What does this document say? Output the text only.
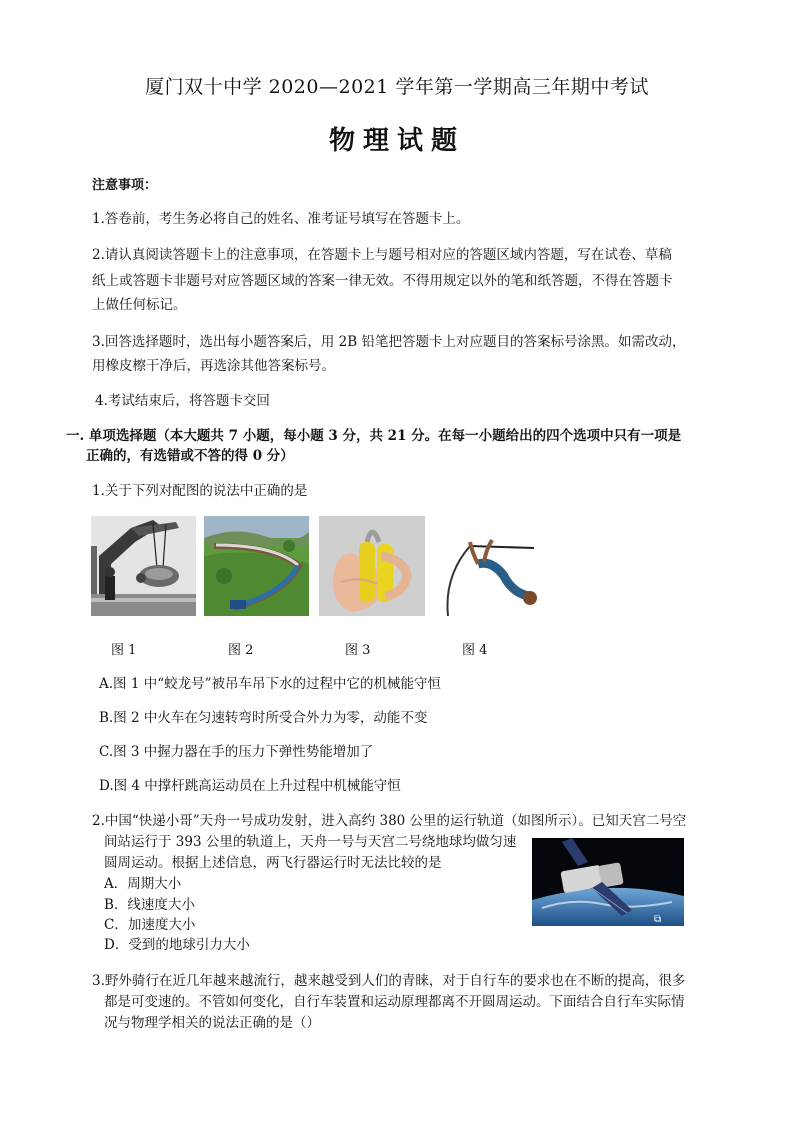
厦门双十中学 2020—2021 学年第一学期高三年期中考试
物理试题
注意事项：
1.答卷前，考生务必将自己的姓名、准考证号填写在答题卡上。
2.请认真阅读答题卡上的注意事项，在答题卡上与题号相对应的答题区域内答题，写在试卷、草稿
纸上或答题卡非题号对应答题区域的答案一律无效。不得用规定以外的笔和纸答题，不得在答题卡
上做任何标记。
3.回答选择题时，选出每小题答案后，用 2B 铅笔把答题卡上对应题目的答案标号涂黑。如需改动，
用橡皮檫干净后，再选涂其他答案标号。
4.考试结束后，将答题卡交回
一. 单项选择题（本大题共 7 小题，每小题 3 分，共 21 分。在每一小题给出的四个选项中只有一项是
正确的，有选错或不答的得 0 分）
1.关于下列对配图的说法中正确的是
图 1	图 2	图 3	图 4
A.图 1 中“蛟龙号”被吊车吊下水的过程中它的机械能守恒
B.图 2 中火车在匀速转弯时所受合外力为零，动能不变
C.图 3 中握力器在手的压力下弹性势能增加了
D.图 4 中撑杆跳高运动员在上升过程中机械能守恒
2.中国“快递小哥”天舟一号成功发射，进入高约 380 公里的运行轨道（如图所示）。已知天宫二号空
间站运行于 393 公里的轨道上，天舟一号与天宫二号绕地球均做匀速
圆周运动。根据上述信息，两飞行器运行时无法比较的是
A．周期大小
B．线速度大小
C．加速度大小
D．受到的地球引力大小
⧉
3.野外骑行在近几年越来越流行，越来越受到人们的青睐，对于自行车的要求也在不断的提高，很多
都是可变速的。不管如何变化，自行车装置和运动原理都离不开圆周运动。下面结合自行车实际情
况与物理学相关的说法正确的是（）
